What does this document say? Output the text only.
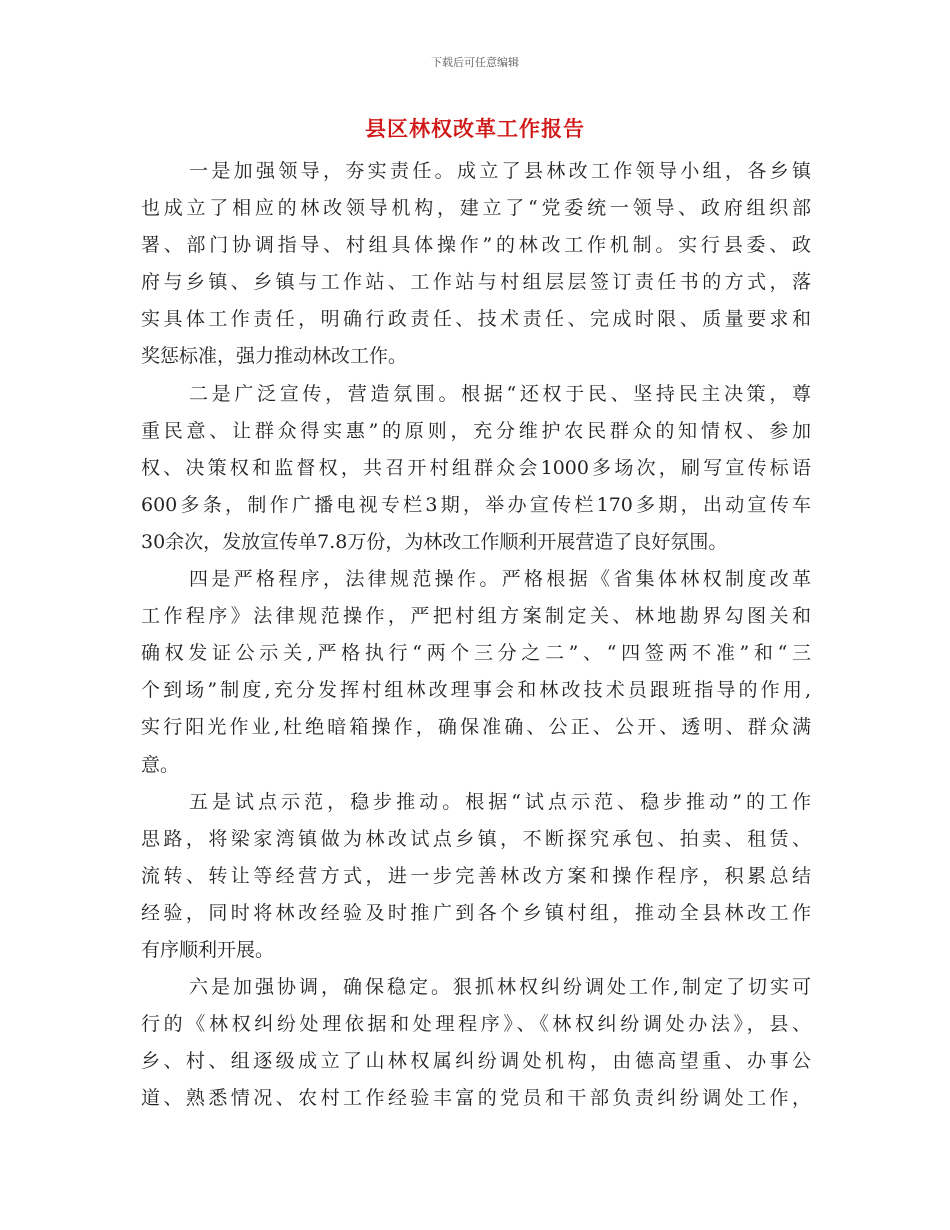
下载后可任意编辑
县区林权改革工作报告
一是加强领导，夯实责任。成立了县林改工作领导小组，各乡镇
也成立了相应的林改领导机构，建立了“党委统一领导、政府组织部
署、部门协调指导、村组具体操作”的林改工作机制。实行县委、政
府与乡镇、乡镇与工作站、工作站与村组层层签订责任书的方式，落
实具体工作责任，明确行政责任、技术责任、完成时限、质量要求和
奖惩标准，强力推动林改工作。
二是广泛宣传，营造氛围。根据“还权于民、坚持民主决策，尊
重民意、让群众得实惠”的原则，充分维护农民群众的知情权、参加
权、决策权和监督权，共召开村组群众会1000多场次，刷写宣传标语
600多条，制作广播电视专栏3期，举办宣传栏170多期，出动宣传车
30余次，发放宣传单7.8万份，为林改工作顺利开展营造了良好氛围。
四是严格程序，法律规范操作。严格根据《省集体林权制度改革
工作程序》法律规范操作，严把村组方案制定关、林地勘界勾图关和
确权发证公示关,严格执行“两个三分之二”、“四签两不准”和“三
个到场”制度,充分发挥村组林改理事会和林改技术员跟班指导的作用,
实行阳光作业,杜绝暗箱操作，确保准确、公正、公开、透明、群众满
意。
五是试点示范，稳步推动。根据“试点示范、稳步推动”的工作
思路，将梁家湾镇做为林改试点乡镇，不断探究承包、拍卖、租赁、
流转、转让等经营方式，进一步完善林改方案和操作程序，积累总结
经验，同时将林改经验及时推广到各个乡镇村组，推动全县林改工作
有序顺利开展。
六是加强协调，确保稳定。狠抓林权纠纷调处工作,制定了切实可
行的《林权纠纷处理依据和处理程序》、《林权纠纷调处办法》，县、
乡、村、组逐级成立了山林权属纠纷调处机构，由德高望重、办事公
道、熟悉情况、农村工作经验丰富的党员和干部负责纠纷调处工作，
